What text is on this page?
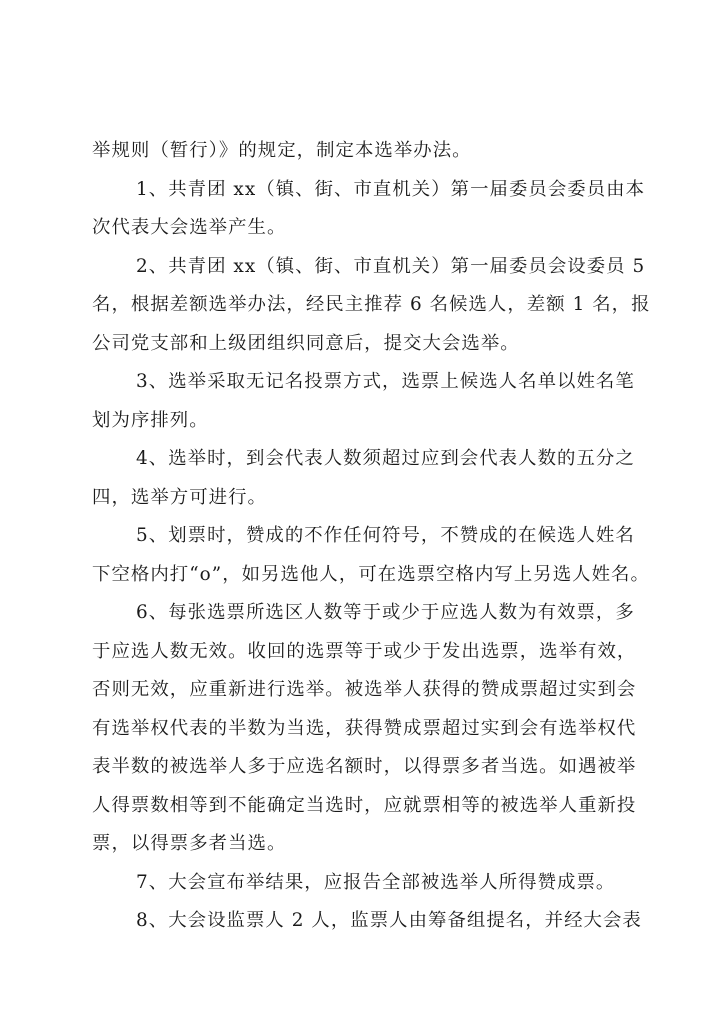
举规则（暂行）》的规定，制定本选举办法。
1、共青团 xx（镇、街、市直机关）第一届委员会委员由本
次代表大会选举产生。
2、共青团 xx（镇、街、市直机关）第一届委员会设委员 5
名，根据差额选举办法，经民主推荐 6 名候选人，差额 1 名，报
公司党支部和上级团组织同意后，提交大会选举。
3、选举采取无记名投票方式，选票上候选人名单以姓名笔
划为序排列。
4、选举时，到会代表人数须超过应到会代表人数的五分之
四，选举方可进行。
5、划票时，赞成的不作任何符号，不赞成的在候选人姓名
下空格内打“o”，如另选他人，可在选票空格内写上另选人姓名。
6、每张选票所选区人数等于或少于应选人数为有效票，多
于应选人数无效。收回的选票等于或少于发出选票，选举有效，
否则无效，应重新进行选举。被选举人获得的赞成票超过实到会
有选举权代表的半数为当选，获得赞成票超过实到会有选举权代
表半数的被选举人多于应选名额时，以得票多者当选。如遇被举
人得票数相等到不能确定当选时，应就票相等的被选举人重新投
票，以得票多者当选。
7、大会宣布举结果，应报告全部被选举人所得赞成票。
8、大会设监票人 2 人，监票人由筹备组提名，并经大会表
